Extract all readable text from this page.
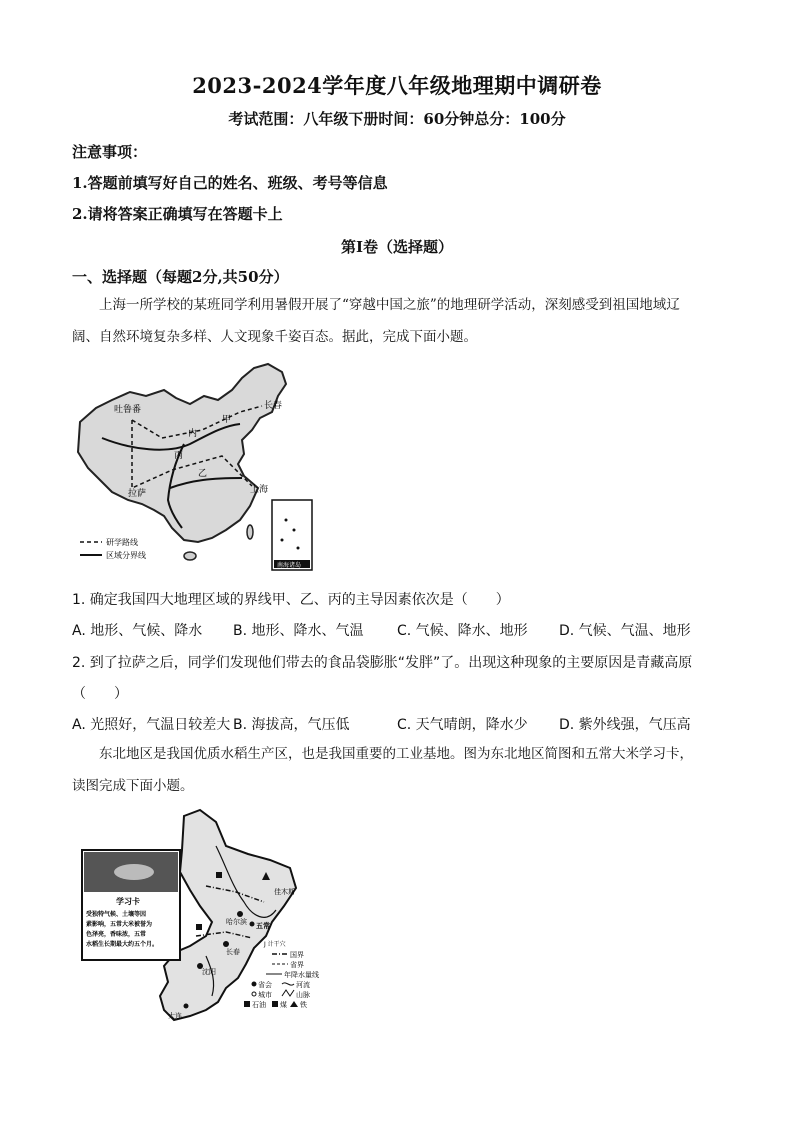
2023-2024学年度八年级地理期中调研卷
考试范围：八年级下册时间：60分钟总分：100分
注意事项：
1.答题前填写好自己的姓名、班级、考号等信息
2.请将答案正确填写在答题卡上
第Ⅰ卷（选择题）
一、选择题（每题2分,共50分）
上海一所学校的某班同学利用暑假开展了“穿越中国之旅”的地理研学活动，深刻感受到祖国地域辽
阔、自然环境复杂多样、人文现象千姿百态。据此，完成下面小题。
吐鲁番
拉萨	上海
长春
甲
乙
丙
内
南海诸岛
研学路线
区域分界线
1. 确定我国四大地理区域的界线甲、乙、丙的主导因素依次是（　　）
A. 地形、气候、降水 B. 地形、降水、气温 C. 气候、降水、地形 D. 气候、气温、地形
2. 到了拉萨之后，同学们发现他们带去的食品袋膨胀“发胖”了。出现这种现象的主要原因是青藏高原
（　　）
A. 光照好，气温日较差大 B. 海拔高，气压低	C. 天气晴朗，降水少 D. 紫外线强，气压高
东北地区是我国优质水稻生产区，也是我国重要的工业基地。图为东北地区简图和五常大米学习卡，
读图完成下面小题。
哈尔滨 五常
长春
沈阳
大连
佳木斯
学习卡
受独特气候、土壤等因
素影响，五常大米被誉为
色泽亮，香味浓，五常
水稻生长期最大约五个月。	J 计干穴
国界
省界
年降水量线
省会	河流
城市	山脉
石油 煤 铁
